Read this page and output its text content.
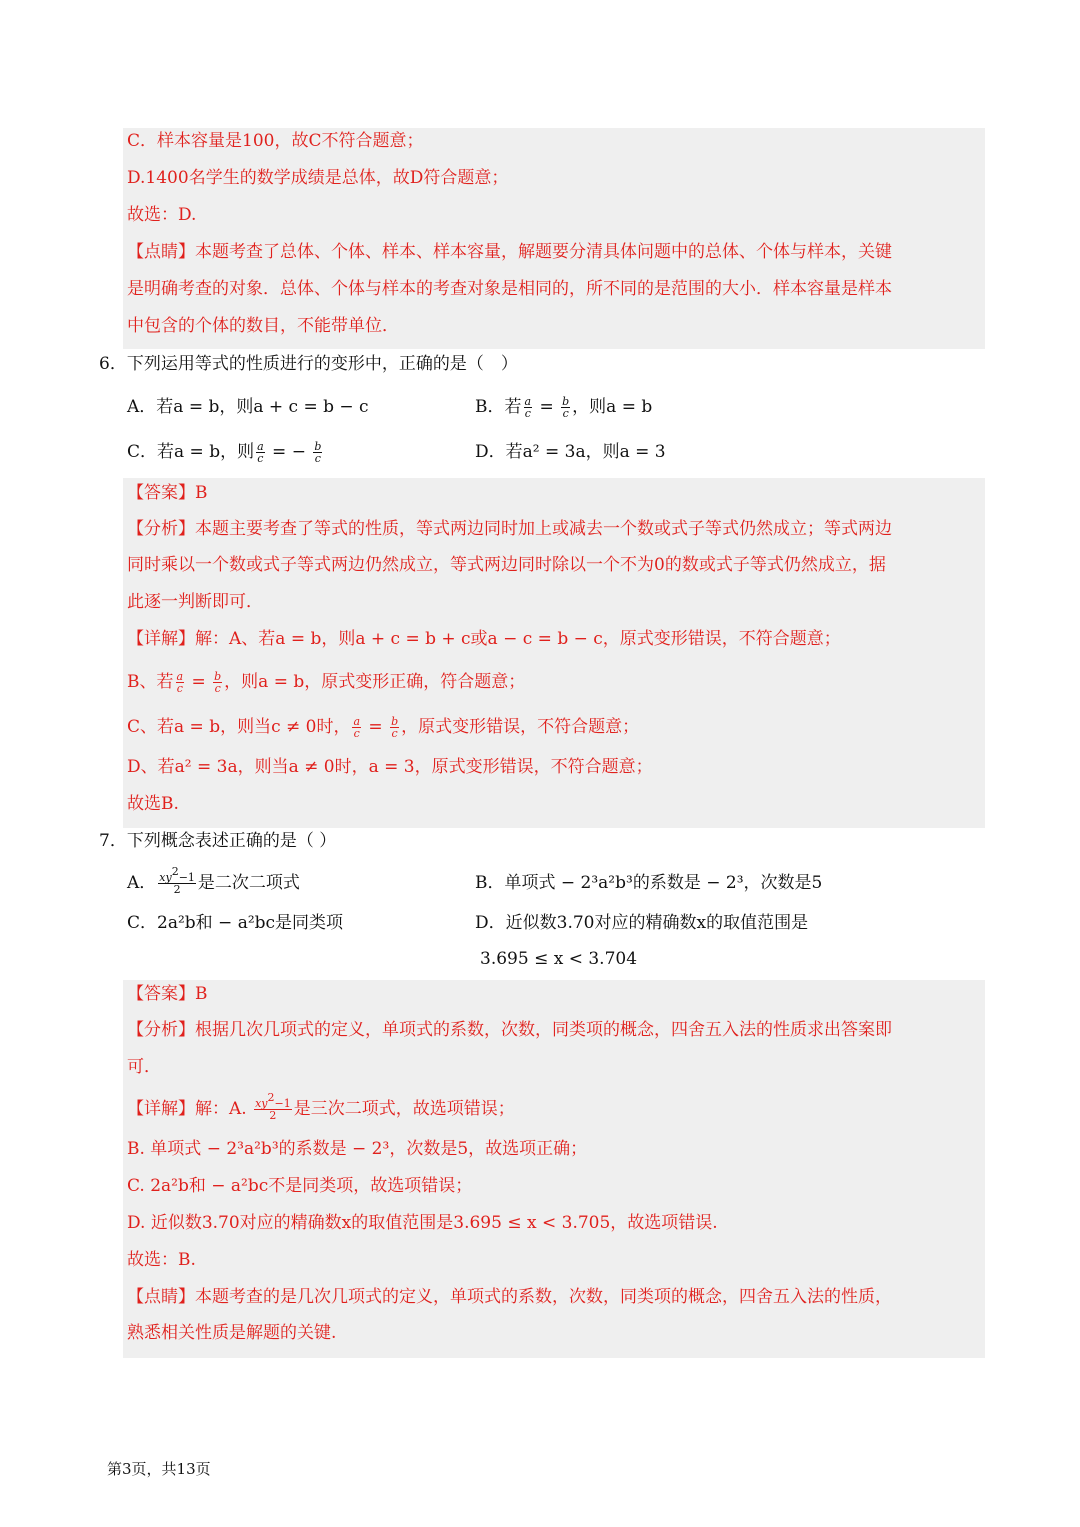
C．样本容量是100，故C不符合题意；
D.1400名学生的数学成绩是总体，故D符合题意；
故选：D.
【点睛】本题考查了总体、个体、样本、样本容量，解题要分清具体问题中的总体、个体与样本，关键
是明确考查的对象．总体、个体与样本的考查对象是相同的，所不同的是范围的大小．样本容量是样本
中包含的个体的数目，不能带单位．
6．下列运用等式的性质进行的变形中，正确的是（　）
A．若a = b，则a + c = b − c	B．若 $\frac{a}{c} = \frac{b}{c}$ ，则a = b
C．若a = b，则 $\frac{a}{c}$ = − $\frac{b}{c}$	D．若a² = 3a，则a = 3
【答案】B
【分析】本题主要考查了等式的性质，等式两边同时加上或减去一个数或式子等式仍然成立；等式两边
同时乘以一个数或式子等式两边仍然成立，等式两边同时除以一个不为0的数或式子等式仍然成立，据
此逐一判断即可．
【详解】解：A、若a = b，则a + c = b + c或a − c = b − c，原式变形错误，不符合题意；
B、若 $\frac{a}{c} = \frac{b}{c}$ ，则a = b，原式变形正确，符合题意；
C、若a = b，则当c ≠ 0时， $\frac{a}{c} = \frac{b}{c}$ ，原式变形错误，不符合题意；
D、若a² = 3a，则当a ≠ 0时，a = 3，原式变形错误，不符合题意；
故选B.
7．下列概念表述正确的是（ ）
A． $\frac{xy^2-1}{2}$ 是二次二项式	B．单项式 − 2³a²b³的系数是 − 2³，次数是5
C．2a²b和 − a²bc是同类项	D．近似数3.70对应的精确数x的取值范围是
3.695 ≤ x < 3.704
【答案】B
【分析】根据几次几项式的定义，单项式的系数，次数，同类项的概念，四舍五入法的性质求出答案即
可．
【详解】解：A. $\frac{xy^2-1}{2}$ 是三次二项式，故选项错误；
B. 单项式 − 2³a²b³的系数是 − 2³，次数是5，故选项正确；
C. 2a²b和 − a²bc不是同类项，故选项错误；
D. 近似数3.70对应的精确数x的取值范围是3.695 ≤ x < 3.705，故选项错误.
故选：B.
【点睛】本题考查的是几次几项式的定义，单项式的系数，次数，同类项的概念，四舍五入法的性质，
熟悉相关性质是解题的关键.
第3页，共13页
